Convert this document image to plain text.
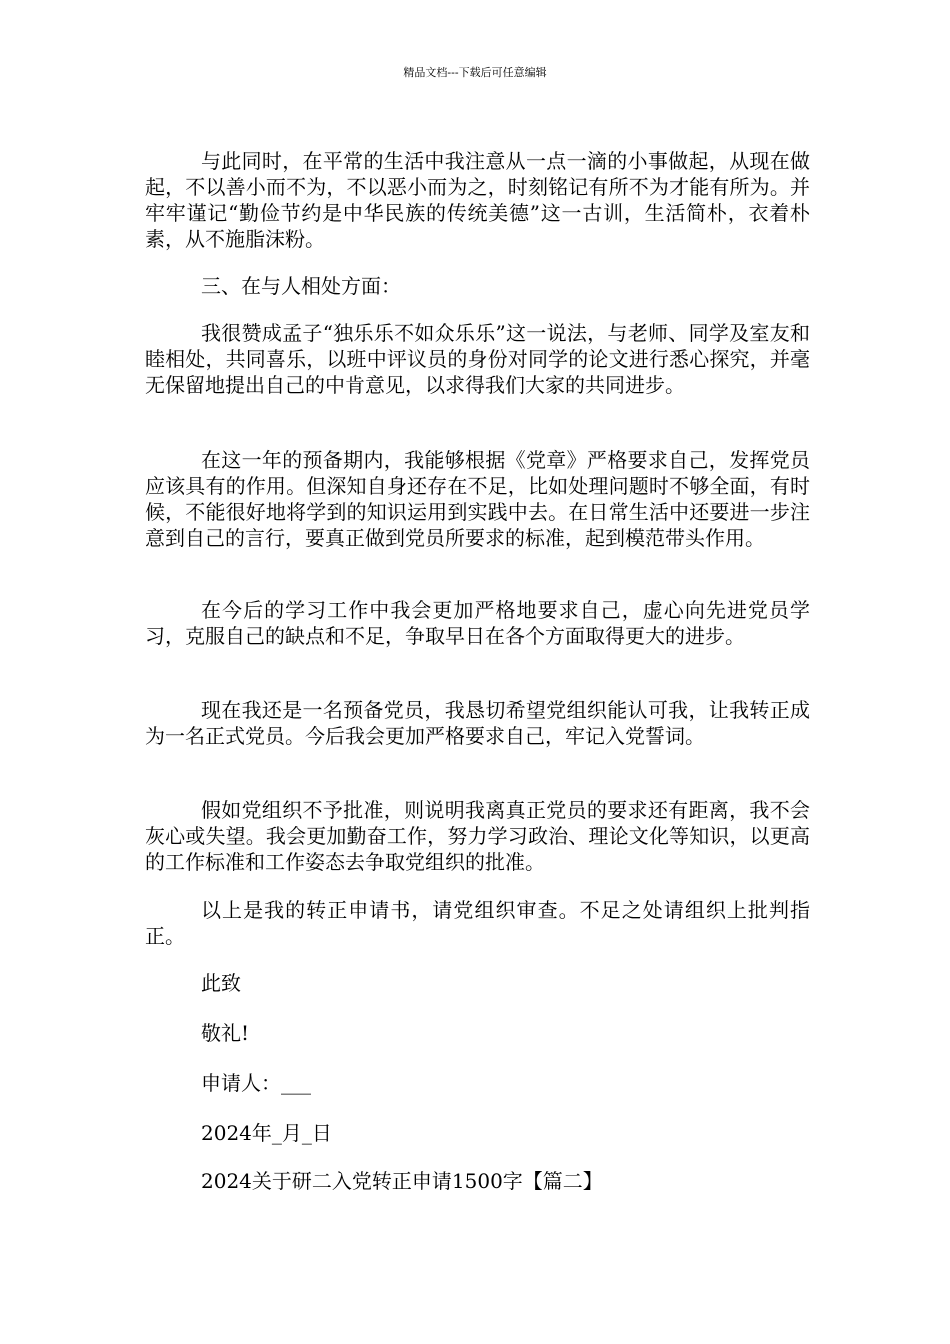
精品文档---下载后可任意编辑

与此同时，在平常的生活中我注意从一点一滴的小事做起，从现在做起，不以善小而不为，不以恶小而为之，时刻铭记有所不为才能有所为。并牢牢谨记“勤俭节约是中华民族的传统美德”这一古训，生活简朴，衣着朴素，从不施脂沫粉。

三、在与人相处方面：

我很赞成孟子“独乐乐不如众乐乐”这一说法，与老师、同学及室友和睦相处，共同喜乐，以班中评议员的身份对同学的论文进行悉心探究，并毫无保留地提出自己的中肯意见，以求得我们大家的共同进步。

在这一年的预备期内，我能够根据《党章》严格要求自己，发挥党员应该具有的作用。但深知自身还存在不足，比如处理问题时不够全面，有时候，不能很好地将学到的知识运用到实践中去。在日常生活中还要进一步注意到自己的言行，要真正做到党员所要求的标准，起到模范带头作用。

在今后的学习工作中我会更加严格地要求自己，虚心向先进党员学习，克服自己的缺点和不足，争取早日在各个方面取得更大的进步。

现在我还是一名预备党员，我恳切希望党组织能认可我，让我转正成为一名正式党员。今后我会更加严格要求自己，牢记入党誓词。

假如党组织不予批准，则说明我离真正党员的要求还有距离，我不会灰心或失望。我会更加勤奋工作，努力学习政治、理论文化等知识，以更高的工作标准和工作姿态去争取党组织的批准。

以上是我的转正申请书，请党组织审查。不足之处请组织上批判指正。

此致

敬礼!

申请人：___

2024年_月_日

2024关于研二入党转正申请1500字【篇二】
